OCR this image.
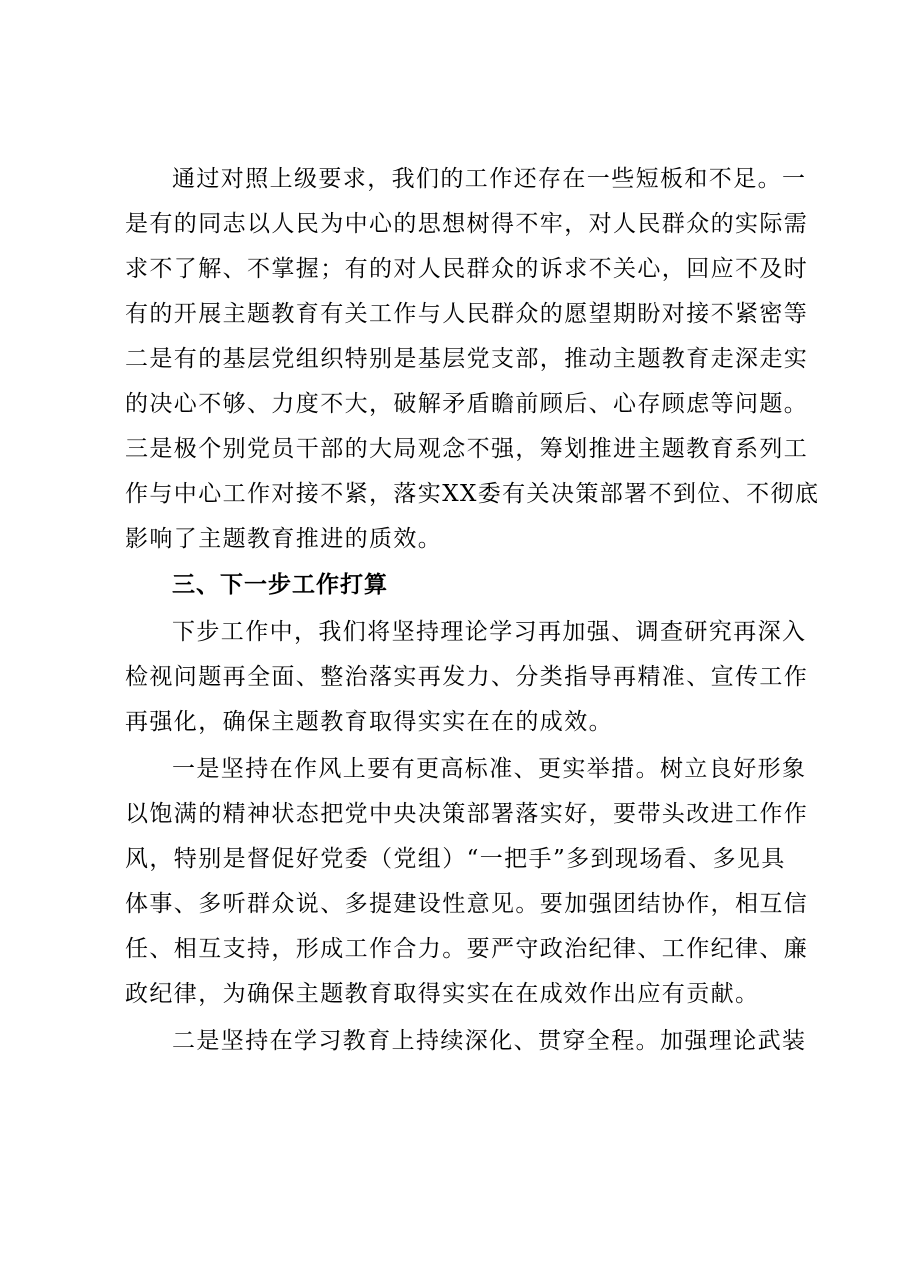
通过对照上级要求，我们的工作还存在一些短板和不足。一
是有的同志以人民为中心的思想树得不牢，对人民群众的实际需
求不了解、不掌握；有的对人民群众的诉求不关心，回应不及时
有的开展主题教育有关工作与人民群众的愿望期盼对接不紧密等
二是有的基层党组织特别是基层党支部，推动主题教育走深走实
的决心不够、力度不大，破解矛盾瞻前顾后、心存顾虑等问题。
三是极个别党员干部的大局观念不强，筹划推进主题教育系列工
作与中心工作对接不紧，落实XX委有关决策部署不到位、不彻底
影响了主题教育推进的质效。
三、下一步工作打算
下步工作中，我们将坚持理论学习再加强、调查研究再深入
检视问题再全面、整治落实再发力、分类指导再精准、宣传工作
再强化，确保主题教育取得实实在在的成效。
一是坚持在作风上要有更高标准、更实举措。树立良好形象
以饱满的精神状态把党中央决策部署落实好，要带头改进工作作
风，特别是督促好党委（党组）“一把手”多到现场看、多见具
体事、多听群众说、多提建设性意见。要加强团结协作，相互信
任、相互支持，形成工作合力。要严守政治纪律、工作纪律、廉
政纪律，为确保主题教育取得实实在在成效作出应有贡献。
二是坚持在学习教育上持续深化、贯穿全程。加强理论武装
